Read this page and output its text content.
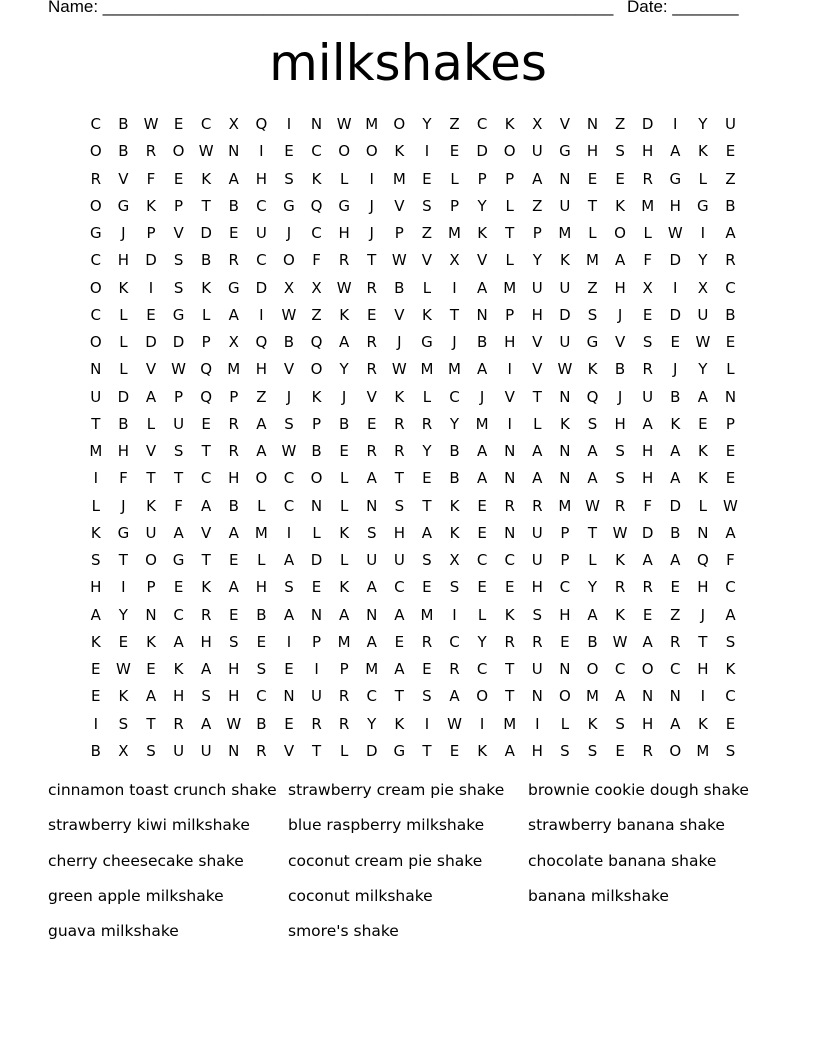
Name: ______________________________________________________ Date: _______
milkshakes
C	B	W	E	C	X	Q	I	N W M	O	Y	Z	C	K	X	V	N	Z	D	I	Y	U
O	B	R	O W N	I	E	C	O	O	K	I	E	D	O	U	G	H	S	H	A	K	E
R	V	F	E	K	A	H	S	K	L	I	M	E	L	P	P	A	N	E	E	R	G	L	Z
O	G	K	P	T	B	C	G	Q	G	J	V	S	P	Y	L	Z	U	T	K	M	H	G	B
G	J	P	V	D	E	U	J	C	H	J	P	Z	M	K	T	P	M	L	O	L	W	I	A
C	H	D	S	B	R	C	O	F	R	T	W	V	X	V	L	Y	K	M	A	F	D	Y	R
O	K	I	S	K	G	D	X	X	W R	B	L	I	A	M	U	U	Z	H	X	I	X	C
C	L	E	G	L	A	I	W	Z	K	E	V	K	T	N	P	H	D	S	J	E	D	U	B
O	L	D	D	P	X	Q	B	Q	A	R	J	G	J	B	H	V	U	G	V	S	E	W	E
N	L	V	W Q	M	H	V	O	Y	R W M M	A	I	V	W	K	B	R	J	Y	L
U	D	A	P	Q	P	Z	J	K	J	V	K	L	C	J	V	T	N	Q	J	U	B	A	N
T	B	L	U	E	R	A	S	P	B	E	R	R	Y	M	I	L	K	S	H	A	K	E	P
M	H	V	S	T	R	A	W	B	E	R	R	Y	B	A	N	A	N	A	S	H	A	K	E
I	F	T	T	C	H	O	C	O	L	A	T	E	B	A	N	A	N	A	S	H	A	K	E
L	J	K	F	A	B	L	C	N	L	N	S	T	K	E	R	R	M W R	F	D	L	W
K	G	U	A	V	A	M	I	L	K	S	H	A	K	E	N	U	P	T	W D	B	N	A
S	T	O	G	T	E	L	A	D	L	U	U	S	X	C	C	U	P	L	K	A	A	Q	F
H	I	P	E	K	A	H	S	E	K	A	C	E	S	E	E	H	C	Y	R	R	E	H	C
A	Y	N	C	R	E	B	A	N	A	N	A	M	I	L	K	S	H	A	K	E	Z	J	A
K	E	K	A	H	S	E	I	P	M	A	E	R	C	Y	R	R	E	B	W	A	R	T	S
E	W	E	K	A	H	S	E	I	P	M	A	E	R	C	T	U	N	O	C	O	C	H	K
E	K	A	H	S	H	C	N	U	R	C	T	S	A	O	T	N	O	M	A	N	N	I	C
I	S	T	R	A	W	B	E	R	R	Y	K	I	W	I	M	I	L	K	S	H	A	K	E
B	X	S	U	U	N	R	V	T	L	D	G	T	E	K	A	H	S	S	E	R	O	M	S
cinnamon toast crunch shake
strawberry kiwi milkshake
cherry cheesecake shake
green apple milkshake
guava milkshake
strawberry cream pie shake
blue raspberry milkshake
coconut cream pie shake
coconut milkshake
smore's shake
brownie cookie dough shake
strawberry banana shake
chocolate banana shake
banana milkshake
